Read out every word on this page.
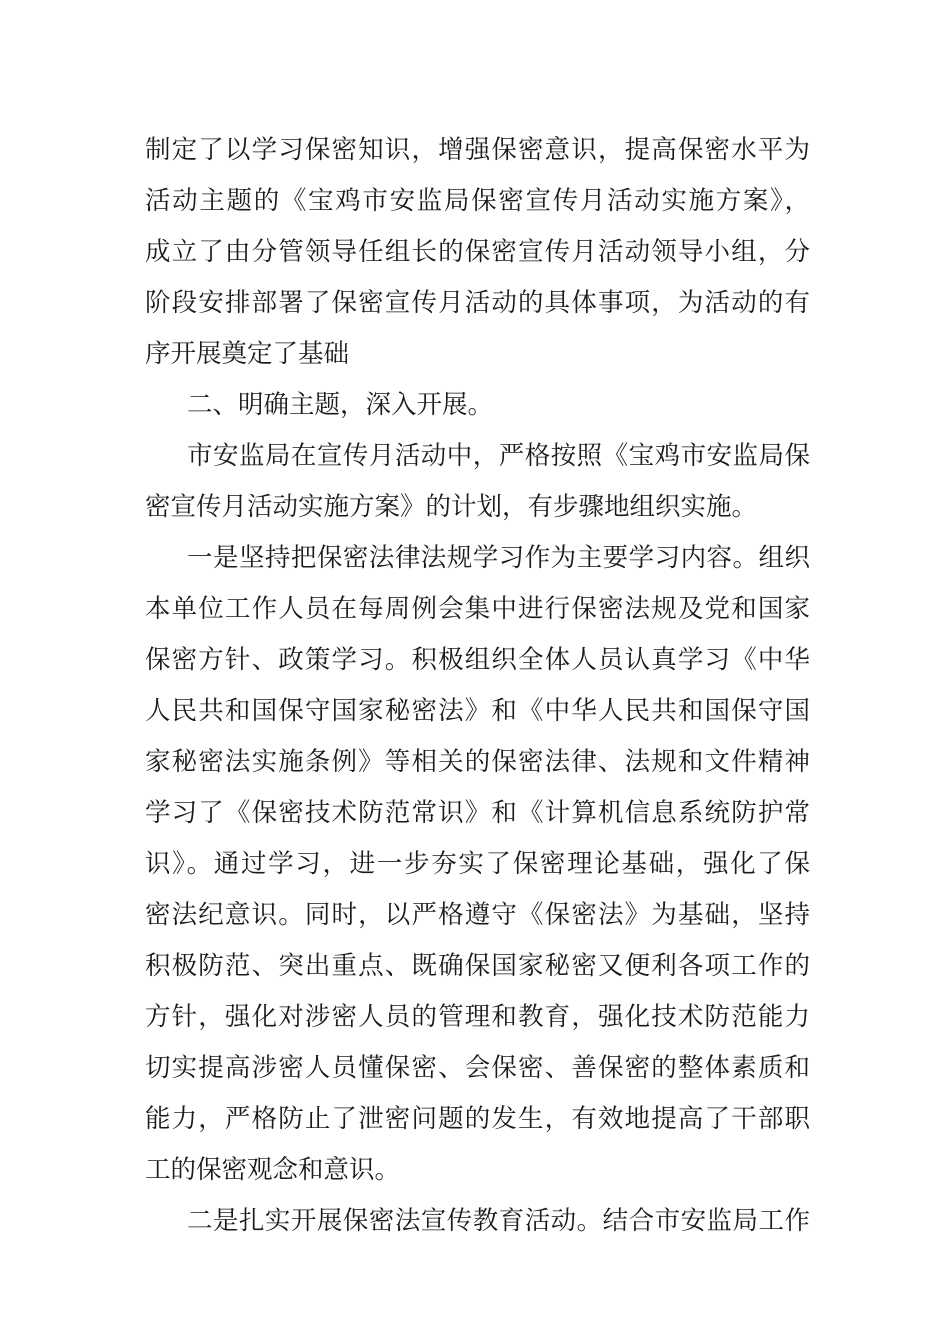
制定了以学习保密知识，增强保密意识，提高保密水平为
活动主题的《宝鸡市安监局保密宣传月活动实施方案》，
成立了由分管领导任组长的保密宣传月活动领导小组，分
阶段安排部署了保密宣传月活动的具体事项，为活动的有
序开展奠定了基础
二、明确主题，深入开展。
市安监局在宣传月活动中，严格按照《宝鸡市安监局保
密宣传月活动实施方案》的计划，有步骤地组织实施。
一是坚持把保密法律法规学习作为主要学习内容。组织
本单位工作人员在每周例会集中进行保密法规及党和国家
保密方针、政策学习。积极组织全体人员认真学习《中华
人民共和国保守国家秘密法》和《中华人民共和国保守国
家秘密法实施条例》等相关的保密法律、法规和文件精神
学习了《保密技术防范常识》和《计算机信息系统防护常
识》。通过学习，进一步夯实了保密理论基础，强化了保
密法纪意识。同时，以严格遵守《保密法》为基础，坚持
积极防范、突出重点、既确保国家秘密又便利各项工作的
方针，强化对涉密人员的管理和教育，强化技术防范能力
切实提高涉密人员懂保密、会保密、善保密的整体素质和
能力，严格防止了泄密问题的发生，有效地提高了干部职
工的保密观念和意识。
二是扎实开展保密法宣传教育活动。结合市安监局工作
